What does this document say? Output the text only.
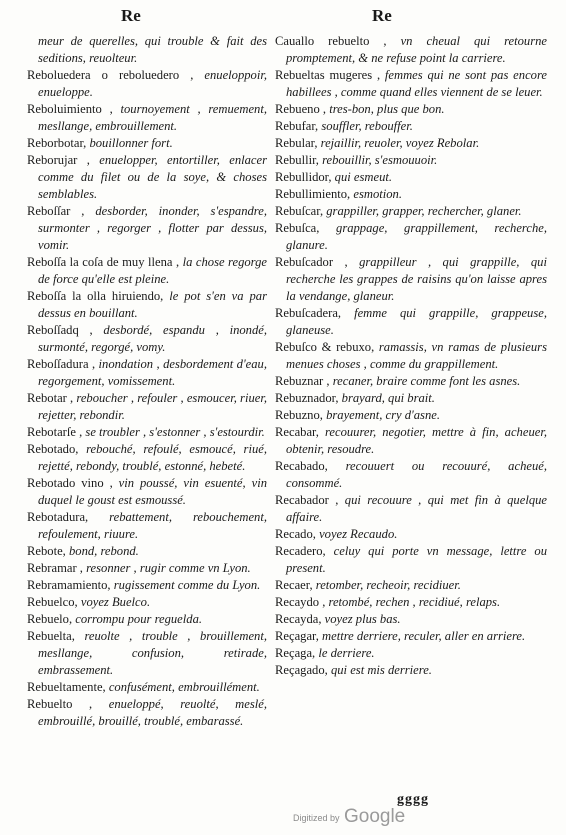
Re	Re

meur de querelles, qui trouble & fait des seditions, reuolteur.

Reboluedera o reboluedero , enueloppoir, enueloppe.

Reboluimiento , tournoyement , remuement, mesllange, embrouillement.

Reborbotar, bouillonner fort.

Reborujar , enuelopper, entortiller, enlacer comme du filet ou de la soye, & choses semblables.

Reboſſar , desborder, inonder, s'espandre, surmonter , regorger , flotter par dessus, vomir.

Reboſſa la coſa de muy llena , la chose regorge de force qu'elle est pleine.

Reboſſa la olla hiruiendo, le pot s'en va par dessus en bouillant.

Reboſſadq , desbordé, espandu , inondé, surmonté, regorgé, vomy.

Reboſſadura , inondation , desbordement d'eau, regorgement, vomissement.

Rebotar , reboucher , refouler , esmoucer, riuer, rejetter, rebondir.

Rebotarſe , se troubler , s'estonner , s'estourdir.

Rebotado, rebouché, refoulé, esmoucé, riué, rejetté, rebondy, troublé, estonné, hebeté.

Rebotado vino , vin poussé, vin esuenté, vin duquel le goust est esmoussé.

Rebotadura, rebattement, rebouchement, refoulement, riuure.

Rebote, bond, rebond.

Rebramar , resonner , rugir comme vn Lyon.

Rebramamiento, rugissement comme du Lyon.

Rebuelco, voyez Buelco.

Rebuelo, corrompu pour reguelda.

Rebuelta, reuolte , trouble , brouillement, mesllange, confusion, retirade, embrassement.

Rebueltamente, confusément, embrouillément.

Rebuelto , enueloppé, reuolté, meslé, embrouillé, brouillé, troublé, embarassé.

Cauallo rebuelto , vn cheual qui retourne promptement, & ne refuse point la carriere.

Rebueltas mugeres , femmes qui ne sont pas encore habillees , comme quand elles viennent de se leuer.

Rebueno , tres-bon, plus que bon.

Rebufar, souffler, rebouffer.

Rebular, rejaillir, reuoler, voyez Rebolar.

Rebullir, rebouillir, s'esmouuoir.

Rebullidor, qui esmeut.

Rebullimiento, esmotion.

Rebuſcar, grappiller, grapper, rechercher, glaner.

Rebuſca, grappage, grappillement, recherche, glanure.

Rebuſcador , grappilleur , qui grappille, qui recherche les grappes de raisins qu'on laisse apres la vendange, glaneur.

Rebuſcadera, femme qui grappille, grappeuse, glaneuse.

Rebuſco & rebuxo, ramassis, vn ramas de plusieurs menues choses , comme du grappillement.

Rebuznar , recaner, braire comme font les asnes.

Rebuznador, brayard, qui brait.

Rebuzno, brayement, cry d'asne.

Recabar, recouurer, negotier, mettre à fin, acheuer, obtenir, resoudre.

Recabado, recouuert ou recouuré, acheué, consommé.

Recabador , qui recouure , qui met fin à quelque affaire.

Recado, voyez Recaudo.

Recadero, celuy qui porte vn message, lettre ou present.

Recaer, retomber, recheoir, recidiuer.

Recaydo , retombé, rechen , recidiué, relaps.

Recayda, voyez plus bas.

Reçagar, mettre derriere, reculer, aller en arriere.

Reçaga, le derriere.

Reçagado, qui est mis derriere.

gggg
Digitized by Google
